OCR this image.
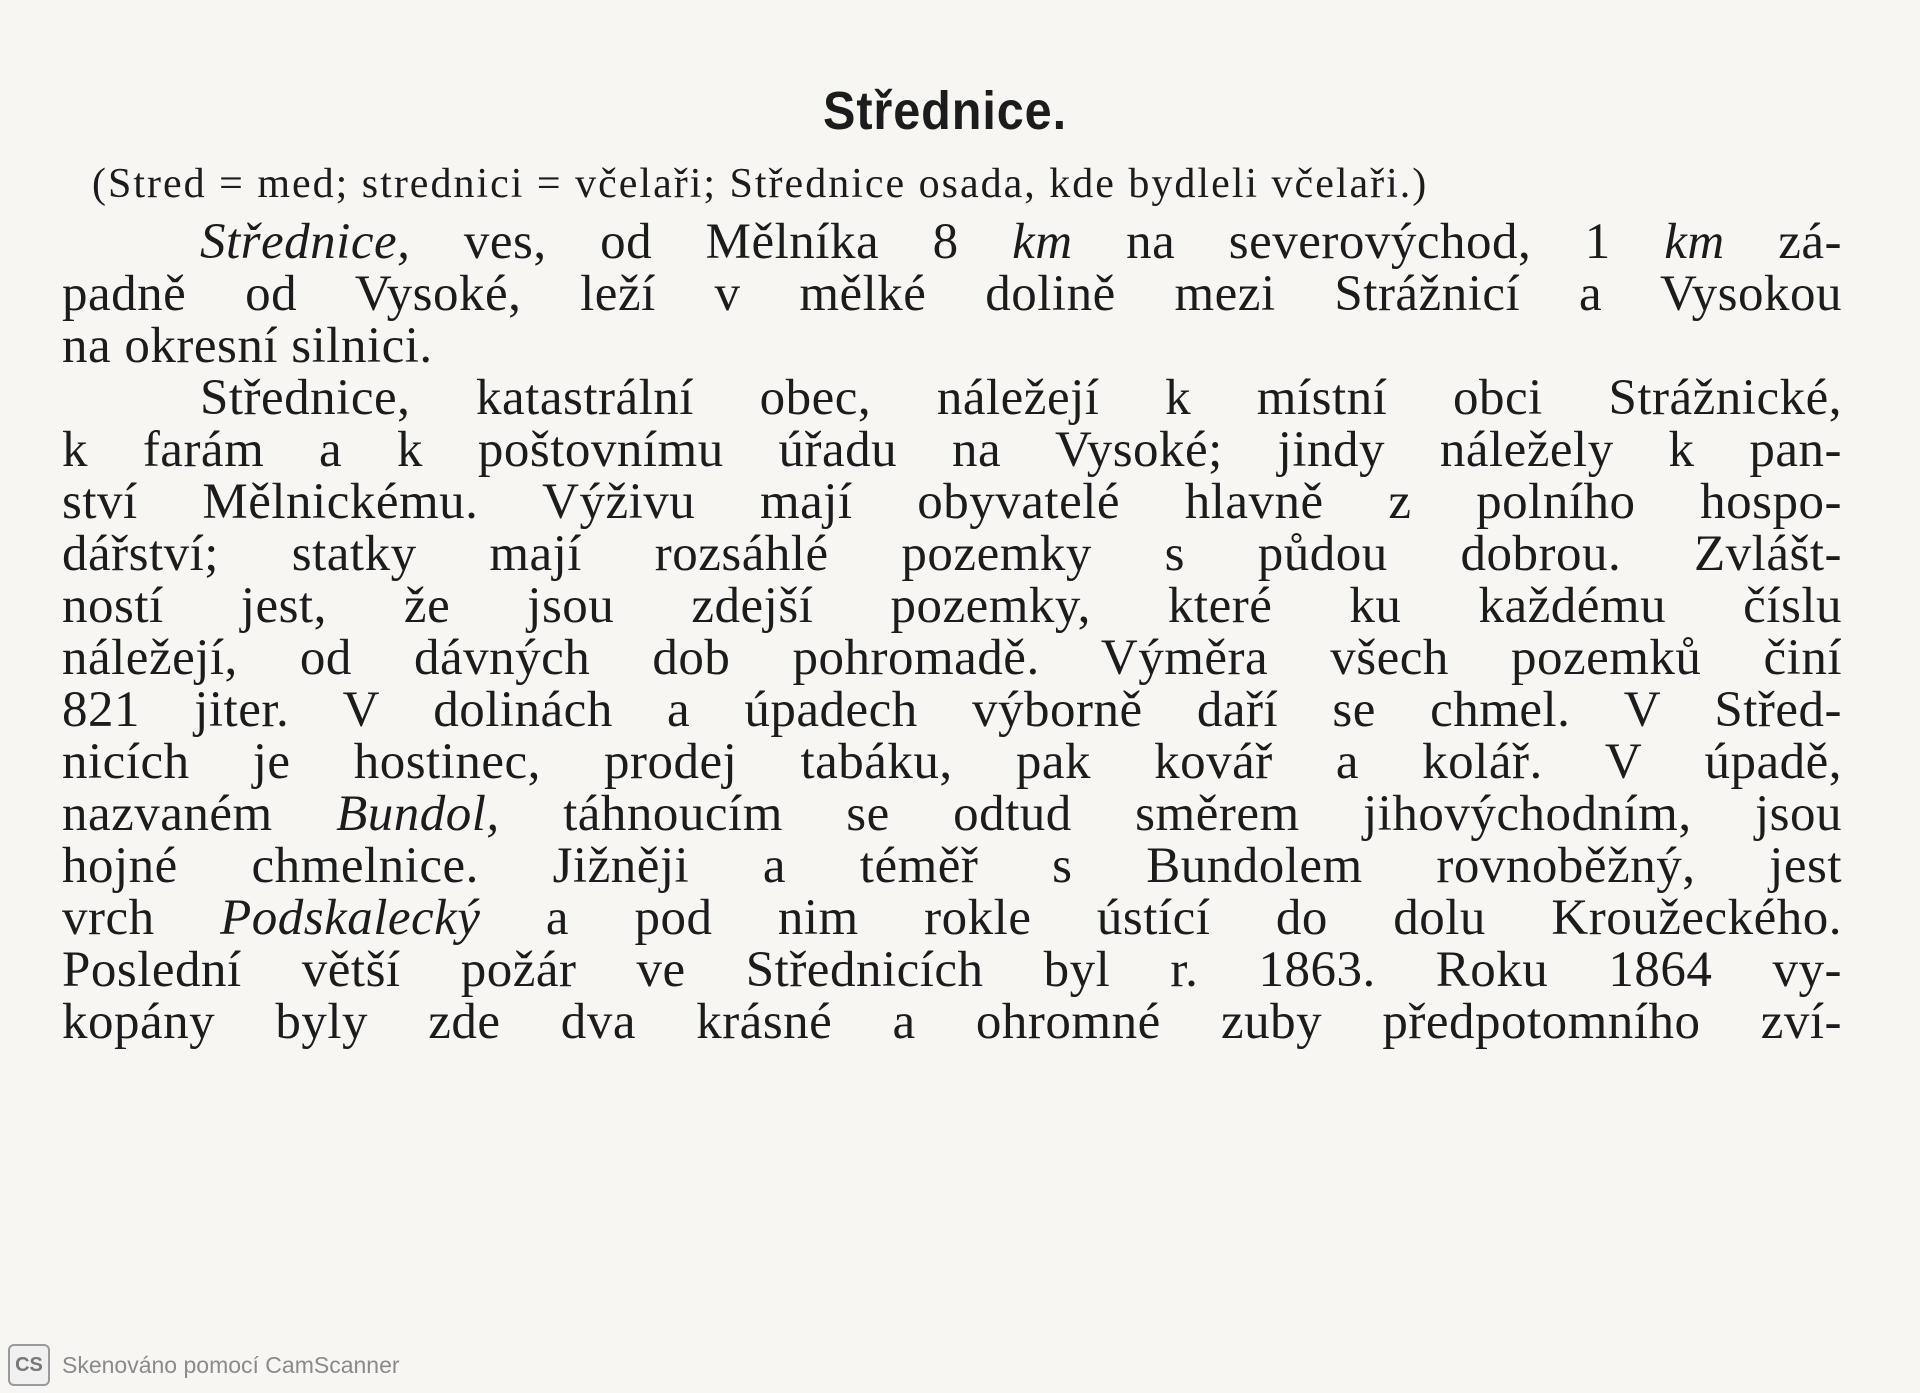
Střednice.
(Stred = med; strednici = včelaři; Střednice osada, kde bydleli včelaři.)
Střednice, ves, od Mělníka 8 km na severovýchod, 1 km zá-
padně od Vysoké, leží v mělké dolině mezi Strážnicí a Vysokou
na okresní silnici.
Střednice, katastrální obec, náležejí k místní obci Strážnické,
k farám a k poštovnímu úřadu na Vysoké; jindy náležely k pan-
ství Mělnickému. Výživu mají obyvatelé hlavně z polního hospo-
dářství; statky mají rozsáhlé pozemky s půdou dobrou. Zvlášt-
ností jest, že jsou zdejší pozemky, které ku každému číslu
náležejí, od dávných dob pohromadě. Výměra všech pozemků činí
821 jiter. V dolinách a úpadech výborně daří se chmel. V Střed-
nicích je hostinec, prodej tabáku, pak kovář a kolář. V úpadě,
nazvaném Bundol, táhnoucím se odtud směrem jihovýchodním, jsou
hojné chmelnice. Jižněji a téměř s Bundolem rovnoběžný, jest
vrch Podskalecký a pod nim rokle ústící do dolu Kroužeckého.
Poslední větší požár ve Střednicích byl r. 1863. Roku 1864 vy-
kopány byly zde dva krásné a ohromné zuby předpotomního zví-
CS Skenováno pomocí CamScanner
